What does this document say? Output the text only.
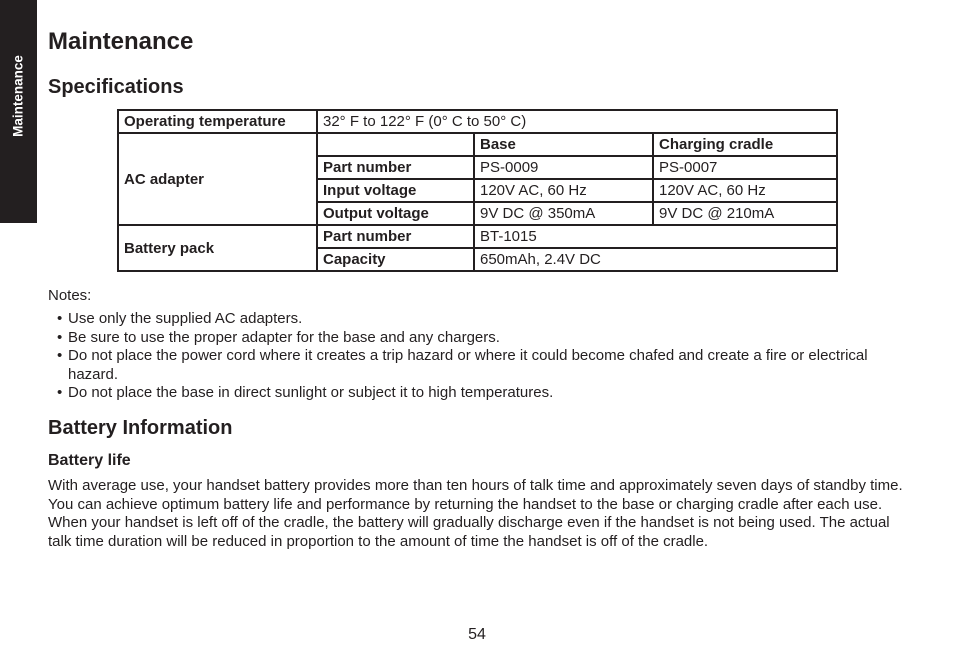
Maintenance
Maintenance
Specifications
Operating temperature	32° F to 122° F (0° C to 50° C)		
AC adapter		Base	Charging cradle
	Part number	PS-0009	PS-0007
	Input voltage	120V AC, 60 Hz	120V AC, 60 Hz
	Output voltage	9V DC @ 350mA	9V DC @ 210mA
Battery pack	Part number	BT-1015	
	Capacity	650mAh, 2.4V DC	
Notes:
• Use only the supplied AC adapters.
• Be sure to use the proper adapter for the base and any chargers.
• Do not place the power cord where it creates a trip hazard or where it could become chafed and create a fire or electrical hazard.
• Do not place the base in direct sunlight or subject it to high temperatures.
Battery Information
Battery life
With average use, your handset battery provides more than ten hours of talk time and approximately seven days of standby time. You can achieve optimum battery life and performance by returning the handset to the base or charging cradle after each use. When your handset is left off of the cradle, the battery will gradually discharge even if the handset is not being used. The actual talk time duration will be reduced in proportion to the amount of time the handset is off of the cradle.
54
